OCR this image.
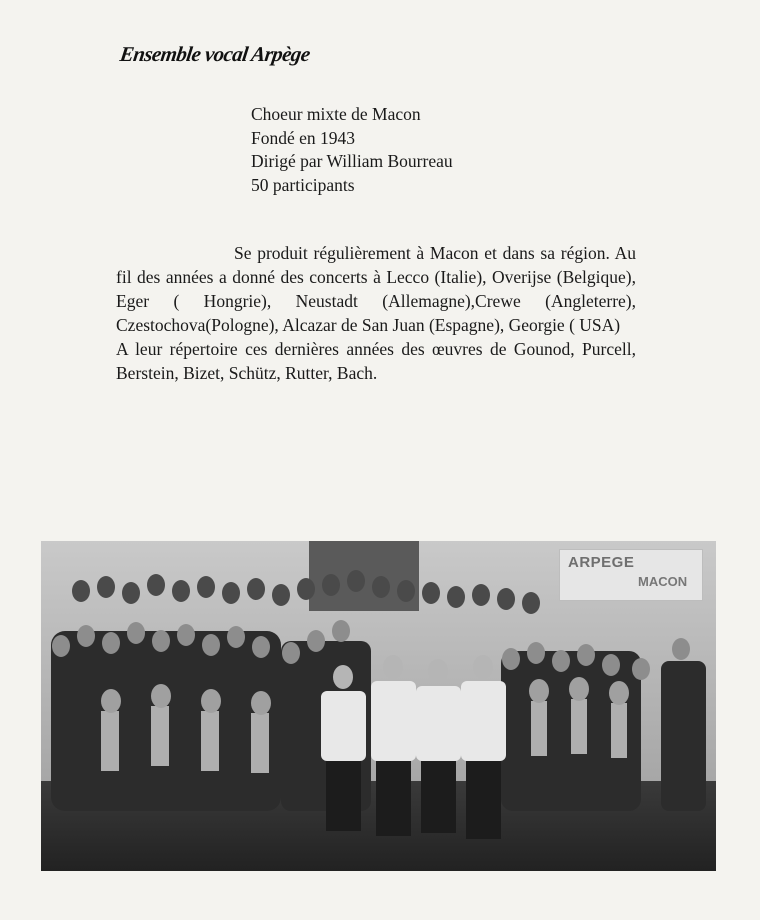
Ensemble vocal Arpège
Choeur mixte de Macon
Fondé en 1943
Dirigé par William Bourreau
50 participants

Se produit régulièrement à Macon et dans sa région. Au fil des années a donné des concerts à Lecco (Italie), Overijse (Belgique), Eger ( Hongrie), Neustadt (Allemagne),Crewe (Angleterre), Czestochova(Pologne), Alcazar de San Juan (Espagne), Georgie ( USA)

A leur répertoire ces dernières années des œuvres de Gounod, Purcell, Berstein, Bizet, Schütz, Rutter, Bach.

ARPEGE
MACON
